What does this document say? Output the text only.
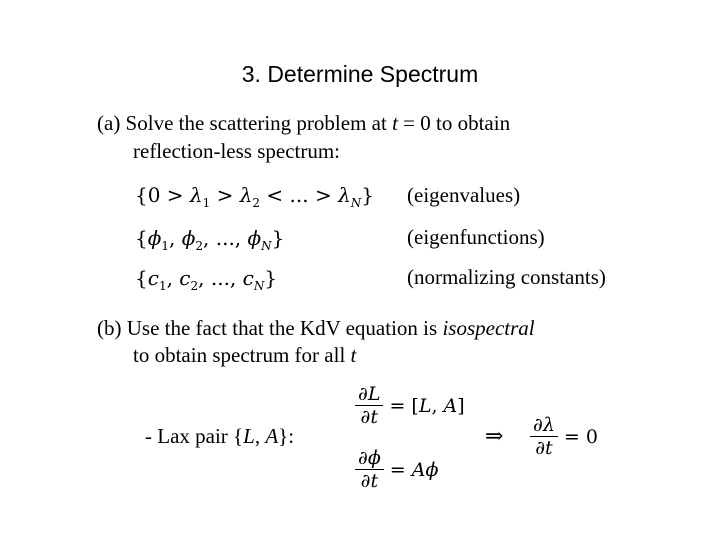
3. Determine Spectrum
(a) Solve the scattering problem at t = 0 to obtain
reflection-less spectrum:
{$0 > \lambda_1 > \lambda_2$ < ... > $\lambda_N$} (eigenvalues)
{$\phi_1$, $\phi_2$, ..., $\phi_N$}	(eigenfunctions)
{$c_1$, $c_2$, ..., $c_N$}	(normalizing constants)
(b) Use the fact that the KdV equation is isospectral
to obtain spectrum for all t
- Lax pair {L, A}:
$\frac{\partial L}{\partial t} = [L$, A]
$\frac{\partial\phi}{\partial t} = A\phi$
⇒ $\frac{\partial\lambda}{\partial t} = 0$
